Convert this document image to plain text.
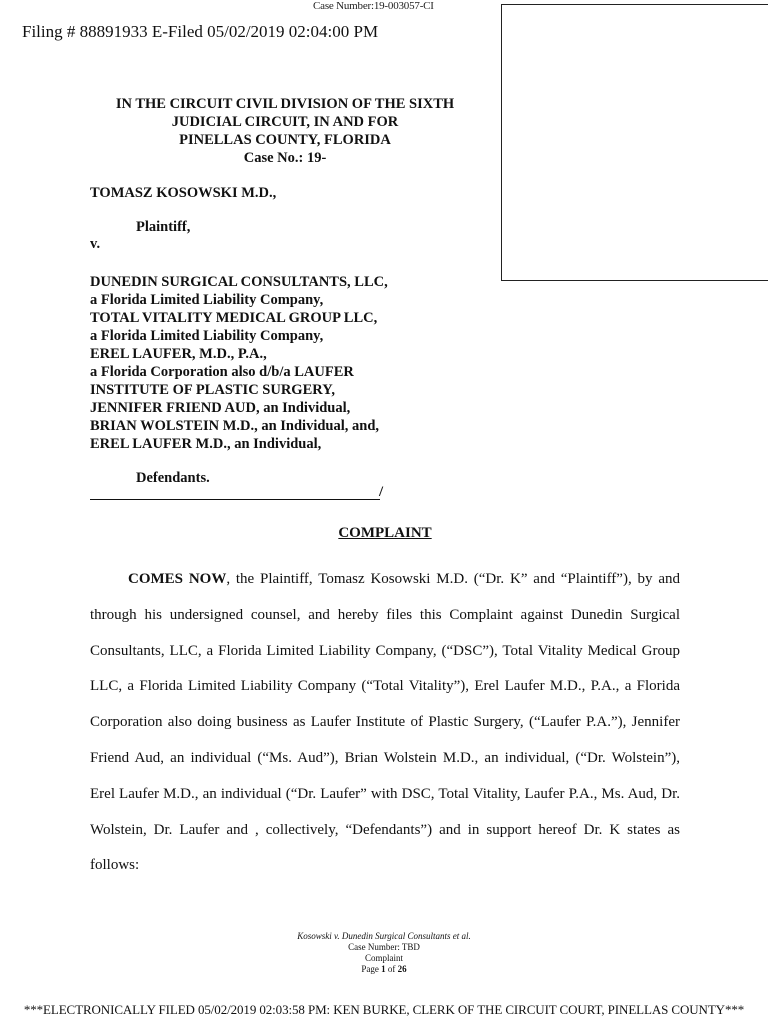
Case Number:19-003057-CI
Filing # 88891933 E-Filed 05/02/2019 02:04:00 PM
IN THE CIRCUIT CIVIL DIVISION OF THE SIXTH
JUDICIAL CIRCUIT, IN AND FOR
PINELLAS COUNTY, FLORIDA
Case No.: 19-
TOMASZ KOSOWSKI M.D.,
Plaintiff,
v.
DUNEDIN SURGICAL CONSULTANTS, LLC,
a Florida Limited Liability Company,
TOTAL VITALITY MEDICAL GROUP LLC,
a Florida Limited Liability Company,
EREL LAUFER, M.D., P.A.,
a Florida Corporation also d/b/a LAUFER
INSTITUTE OF PLASTIC SURGERY,
JENNIFER FRIEND AUD, an Individual,
BRIAN WOLSTEIN M.D., an Individual, and,
EREL LAUFER M.D., an Individual,
Defendants.
/
COMPLAINT
COMES NOW, the Plaintiff, Tomasz Kosowski M.D. (“Dr. K” and “Plaintiff”), by and
through his undersigned counsel, and hereby files this Complaint against Dunedin Surgical
Consultants, LLC, a Florida Limited Liability Company, (“DSC”), Total Vitality Medical Group
LLC, a Florida Limited Liability Company (“Total Vitality”), Erel Laufer M.D., P.A., a Florida
Corporation also doing business as Laufer Institute of Plastic Surgery, (“Laufer P.A.”), Jennifer
Friend Aud, an individual (“Ms. Aud”), Brian Wolstein M.D., an individual, (“Dr. Wolstein”),
Erel Laufer M.D., an individual (“Dr. Laufer” with DSC, Total Vitality, Laufer P.A., Ms. Aud, Dr.
Wolstein, Dr. Laufer and , collectively, “Defendants”) and in support hereof Dr. K states as
follows:
Kosowski v. Dunedin Surgical Consultants et al.
Case Number: TBD
Complaint
Page 1 of 26
***ELECTRONICALLY FILED 05/02/2019 02:03:58 PM: KEN BURKE, CLERK OF THE CIRCUIT COURT, PINELLAS COUNTY***
